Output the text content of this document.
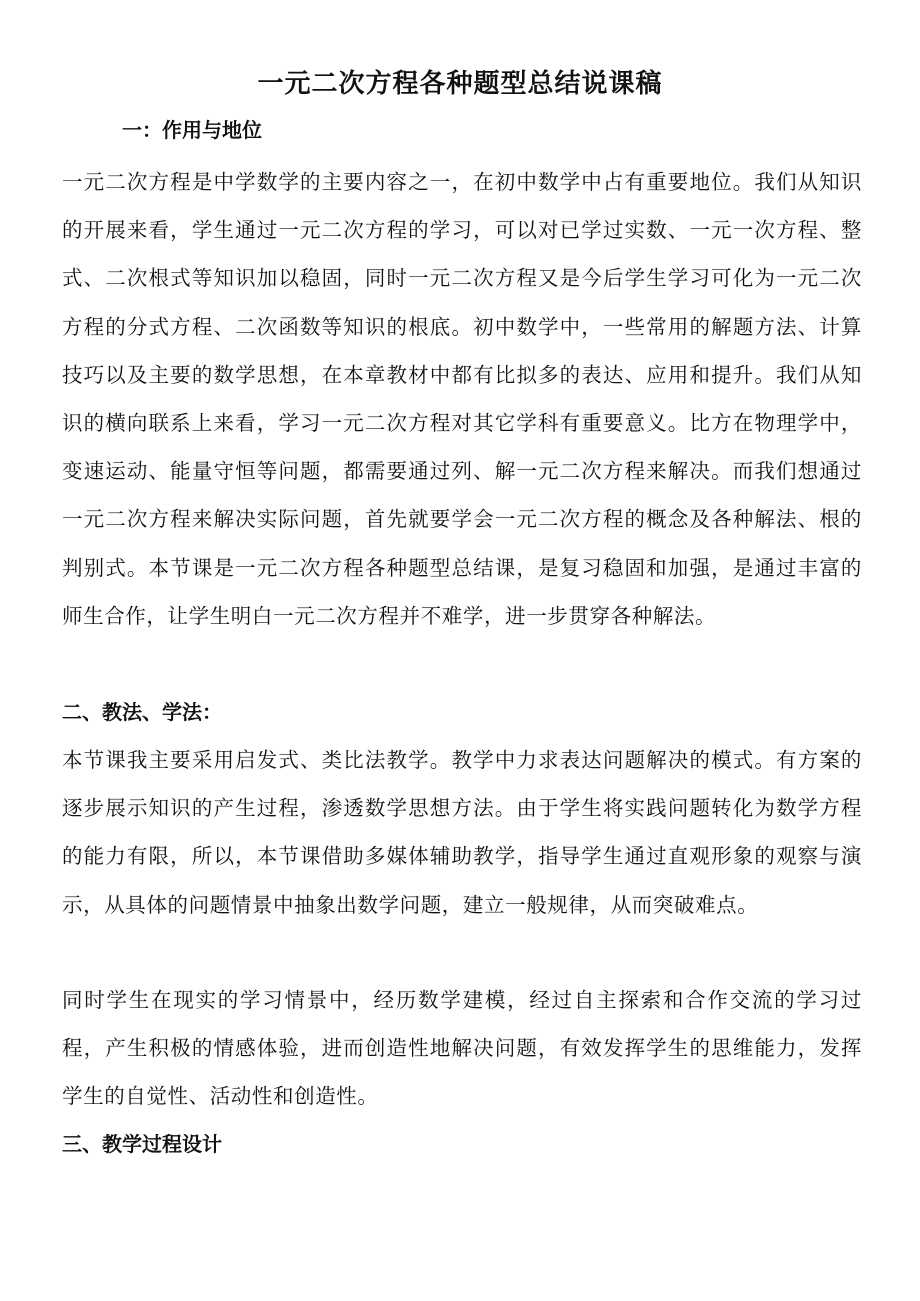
一元二次方程各种题型总结说课稿
一：作用与地位

一元二次方程是中学数学的主要内容之一，在初中数学中占有重要地位。我们从知识的开展来看，学生通过一元二次方程的学习，可以对已学过实数、一元一次方程、整式、二次根式等知识加以稳固，同时一元二次方程又是今后学生学习可化为一元二次方程的分式方程、二次函数等知识的根底。初中数学中，一些常用的解题方法、计算技巧以及主要的数学思想，在本章教材中都有比拟多的表达、应用和提升。我们从知识的横向联系上来看，学习一元二次方程对其它学科有重要意义。比方在物理学中，变速运动、能量守恒等问题，都需要通过列、解一元二次方程来解决。而我们想通过一元二次方程来解决实际问题，首先就要学会一元二次方程的概念及各种解法、根的判别式。本节课是一元二次方程各种题型总结课，是复习稳固和加强，是通过丰富的师生合作，让学生明白一元二次方程并不难学，进一步贯穿各种解法。

二、教法、学法：

本节课我主要采用启发式、类比法教学。教学中力求表达问题解决的模式。有方案的逐步展示知识的产生过程，渗透数学思想方法。由于学生将实践问题转化为数学方程的能力有限，所以，本节课借助多媒体辅助教学，指导学生通过直观形象的观察与演示，从具体的问题情景中抽象出数学问题，建立一般规律，从而突破难点。

同时学生在现实的学习情景中，经历数学建模，经过自主探索和合作交流的学习过程，产生积极的情感体验，进而创造性地解决问题，有效发挥学生的思维能力，发挥学生的自觉性、活动性和创造性。

三、教学过程设计
